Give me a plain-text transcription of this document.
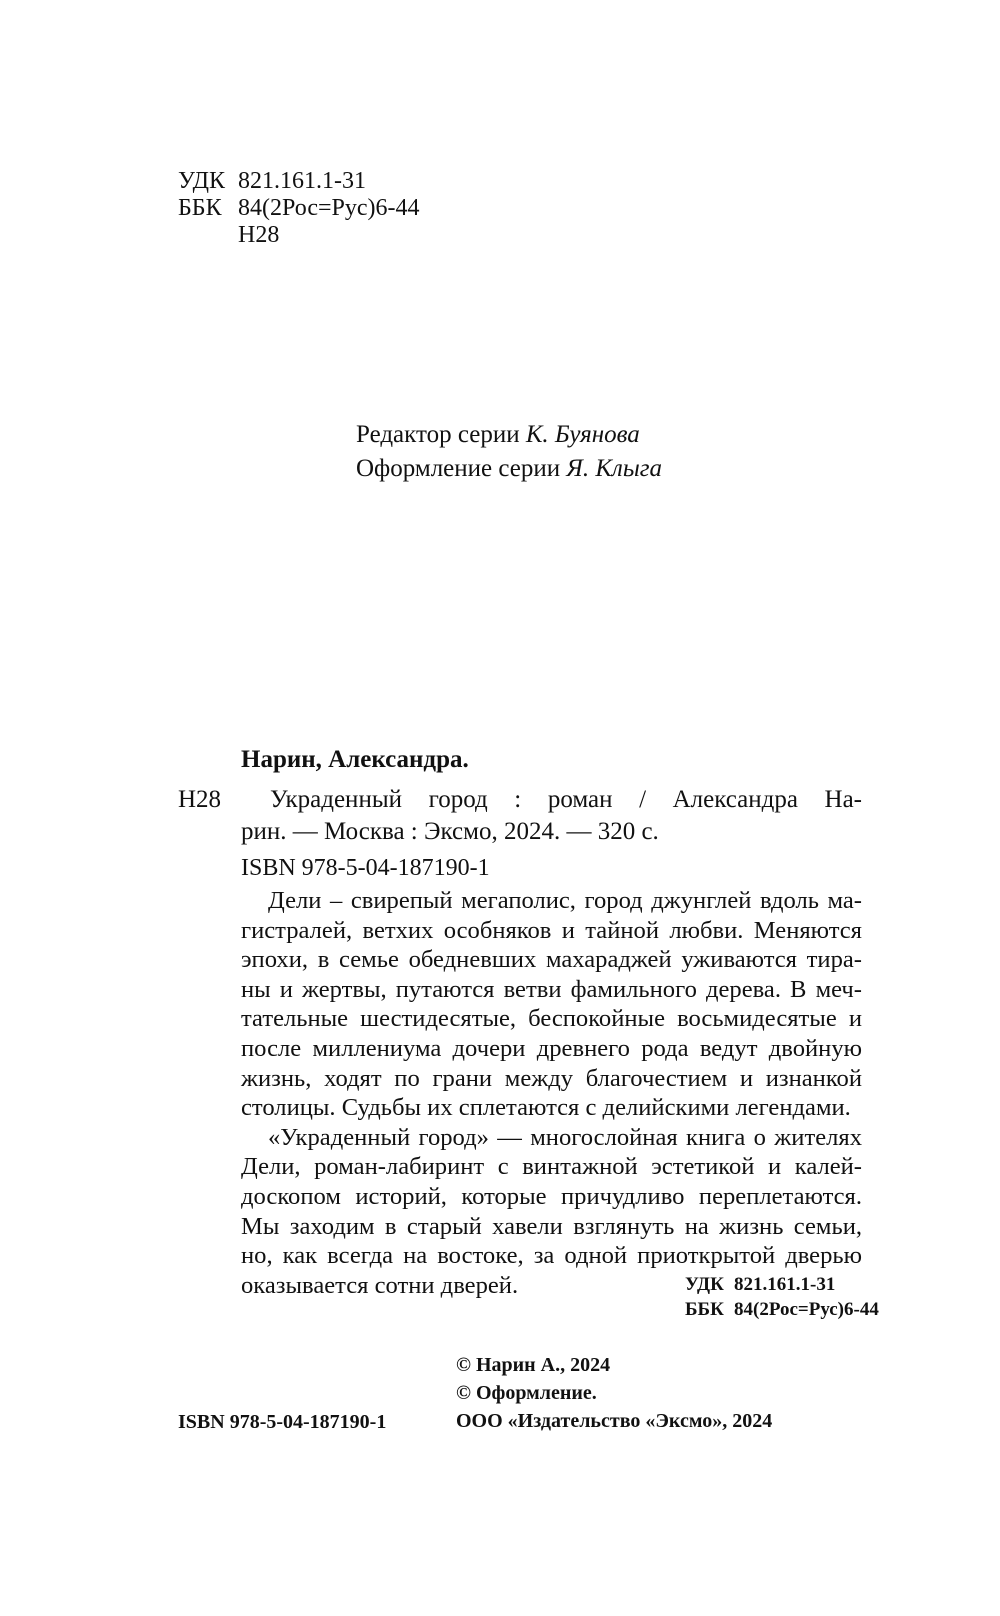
УДК 821.161.1-31
ББК 84(2Рос=Рус)6-44
Н28
Редактор серии К. Буянова
Оформление серии Я. Клыга
Нарин, Александра.
Н28 Украденный город : роман / Александра На-
рин. — Москва : Эксмо, 2024. — 320 с.
ISBN 978-5-04-187190-1
Дели – свирепый мегаполис, город джунглей вдоль ма-
гистралей, ветхих особняков и тайной любви. Меняются
эпохи, в семье обедневших махараджей уживаются тира-
ны и жертвы, путаются ветви фамильного дерева. В меч-
тательные шестидесятые, беспокойные восьмидесятые и
после миллениума дочери древнего рода ведут двойную
жизнь, ходят по грани между благочестием и изнанкой
столицы. Судьбы их сплетаются с делийскими легендами.
«Украденный город» — многослойная книга о жителях
Дели, роман-лабиринт с винтажной эстетикой и калей-
доскопом историй, которые причудливо переплетаются.
Мы заходим в старый хавели взглянуть на жизнь семьи,
но, как всегда на востоке, за одной приоткрытой дверью
оказывается сотни дверей.	УДК 821.161.1-31
ББК 84(2Рос=Рус)6-44
© Нарин А., 2024
© Оформление.
ООО «Издательство «Эксмо», 2024
ISBN 978-5-04-187190-1
